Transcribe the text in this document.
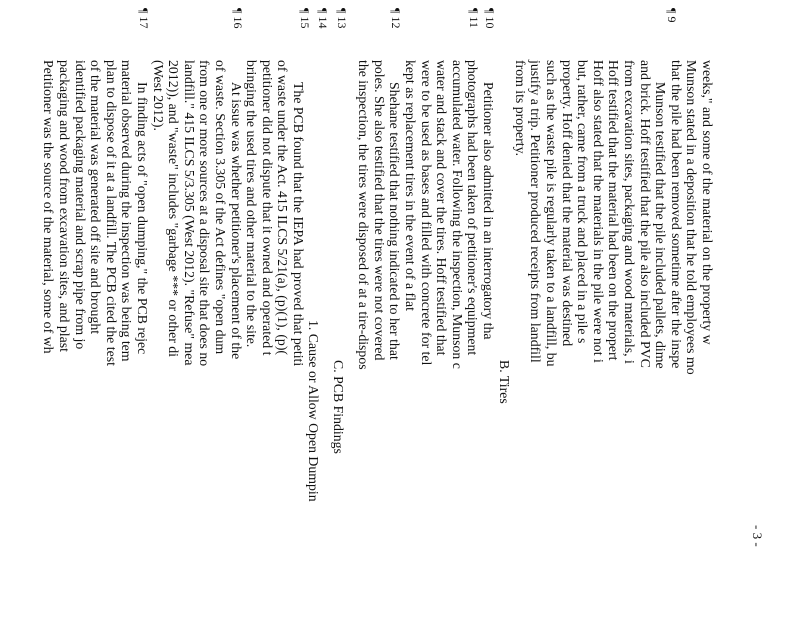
weeks," and some of the material on the property w
Munson stated in a deposition that he told employees mo
that the pile had been removed sometime after the inspe
¶ 9
Munson testified that the pile included pallets, dime
and brick. Hoff testified that the pile also included PVC
from excavation sites, packaging and wood materials, i
Hoff testified that the material had been on the propert
Hoff also stated that the materials in the pile were not i
but, rather, came from a truck and placed in a pile s
property. Hoff denied that the material was destined
such as the waste pile is regularly taken to a landfill, bu
justify a trip. Petitioner produced receipts from landfill
from its property.
B. Tires
¶ 10
Petitioner also admitted in an interrogatory tha
¶ 11
photographs had been taken of petitioner's equipment
accumulated water. Following the inspection, Munson c
water and stack and cover the tires. Hoff testified that
were to be used as bases and filled with concrete for tel
kept as replacement tires in the event of a flat
¶ 12
Shehane testified that nothing indicated to her that
poles. She also testified that the tires were not covered
the inspection, the tires were disposed of at a tire-dispos
C. PCB Findings
1. Cause or Allow Open Dumpin
¶ 13
¶ 14
¶ 15
The PCB found that the IEPA had proved that petiti
of waste under the Act. 415 ILCS 5/21(a), (p)(1), (p)(
petitioner did not dispute that it owned and operated t
bringing the used tires and other material to the site.
¶ 16
At issue was whether petitioner's placement of the
of waste. Section 3.305 of the Act defines "open dum
from one or more sources at a disposal site that does no
landfill." 415 ILCS 5/3.305 (West 2012). "Refuse" mea
2012)), and "waste" includes "garbage *** or other di
(West 2012).
¶ 17
In finding acts of "open dumping," the PCB rejec
material observed during the inspection was being tem
plan to dispose of it at a landfill. The PCB cited the test
of the material was generated off site and brought
identified packaging material and scrap pipe from jo
packaging and wood from excavation sites, and plast
Petitioner was the source of the material, some of wh
- 3 -
